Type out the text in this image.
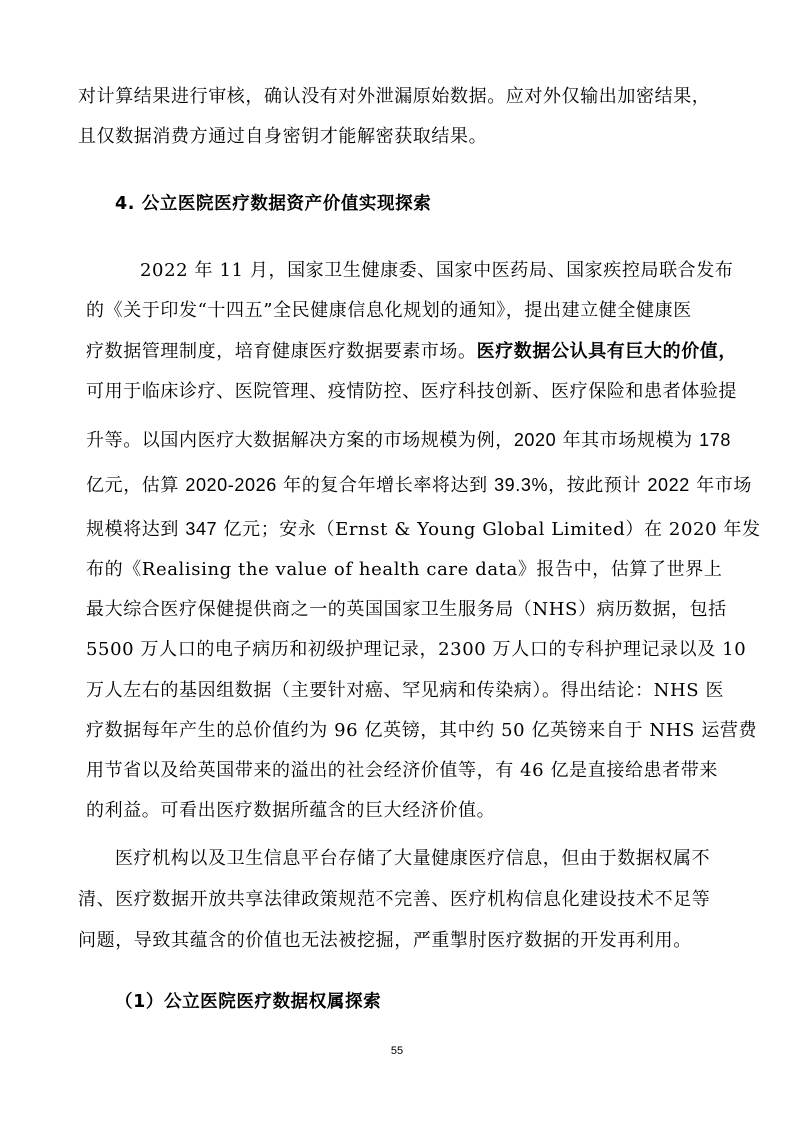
对计算结果进行审核，确认没有对外泄漏原始数据。应对外仅输出加密结果，
且仅数据消费方通过自身密钥才能解密获取结果。
4. 公立医院医疗数据资产价值实现探索
2022 年 11 月，国家卫生健康委、国家中医药局、国家疾控局联合发布
的《关于印发“十四五”全民健康信息化规划的通知》，提出建立健全健康医
疗数据管理制度，培育健康医疗数据要素市场。医疗数据公认具有巨大的价值，
可用于临床诊疗、医院管理、疫情防控、医疗科技创新、医疗保险和患者体验提
升等。以国内医疗大数据解决方案的市场规模为例，2020 年其市场规模为 178
亿元，估算 2020-2026 年的复合年增长率将达到 39.3%，按此预计 2022 年市场
规模将达到 347 亿元；安永（Ernst & Young Global Limited）在 2020 年发
布的《Realising the value of health care data》报告中，估算了世界上
最大综合医疗保健提供商之一的英国国家卫生服务局（NHS）病历数据，包括
5500 万人口的电子病历和初级护理记录，2300 万人口的专科护理记录以及 10
万人左右的基因组数据（主要针对癌、罕见病和传染病）。得出结论：NHS 医
疗数据每年产生的总价值约为 96 亿英镑，其中约 50 亿英镑来自于 NHS 运营费
用节省以及给英国带来的溢出的社会经济价值等，有 46 亿是直接给患者带来
的利益。可看出医疗数据所蕴含的巨大经济价值。
医疗机构以及卫生信息平台存储了大量健康医疗信息，但由于数据权属不
清、医疗数据开放共享法律政策规范不完善、医疗机构信息化建设技术不足等
问题，导致其蕴含的价值也无法被挖掘，严重掣肘医疗数据的开发再利用。
（1）公立医院医疗数据权属探索
55
